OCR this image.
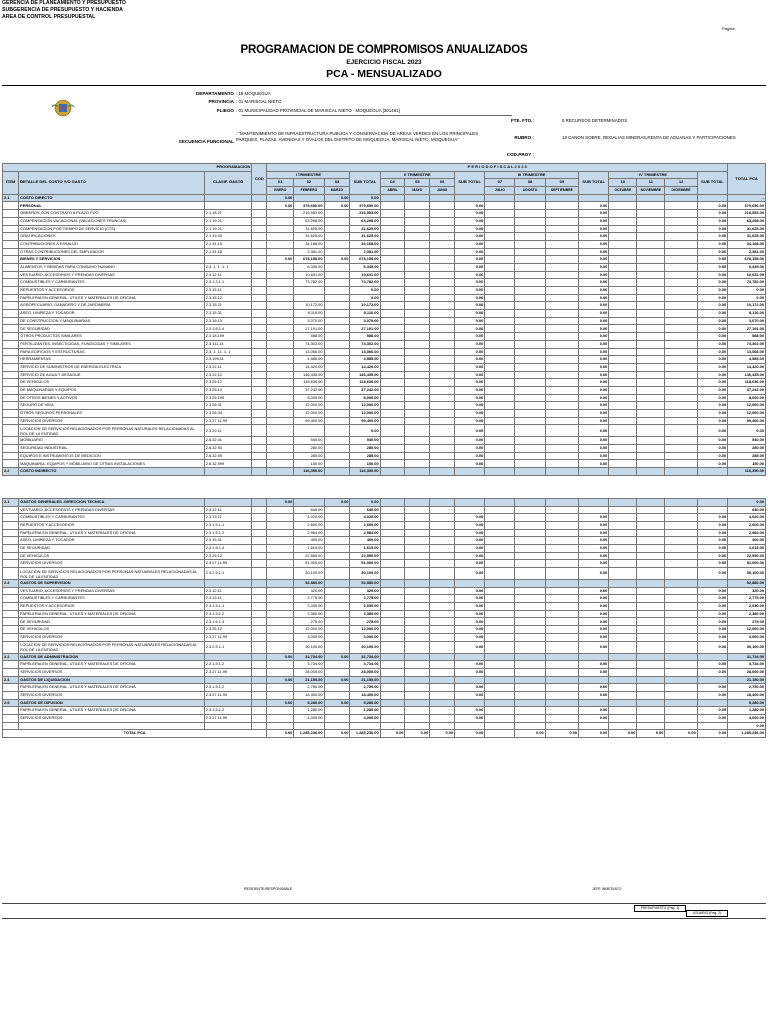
GERENCIA DE PLANEAMIENTO Y PRESUPUESTO
SUBGERENCIA DE PRESUPUESTO Y HACIENDA
AREA DE CONTROL PRESUPUESTAL
Pagina:
PROGRAMACION DE COMPROMISOS ANUALIZADOS
EJERCICIO FISCAL 2023
PCA - MENSUALIZADO
DEPARTAMENTO : 18 MOQUEGUA
PROVINCIA : 01 MARISCAL NIETO
PLIEGO : 01 MUNICIPALIDAD PROVINCIAL DE MARISCAL NIETO - MOQUEGUA [301481]
FTE. FTO.:	5 RECURSOS DETERMINADOS
SECUENCIA FUNCIONAL
: "MANTENIMIENTO DE INFRAESTRUCTURA PUBLICA Y CONSERVACION DE AREAS VERDES EN LOS PRINCIPALES PARQUES, PLAZAS, AVENIDAS Y OVALOS DEL DISTRITO DE MOQUEGUA, MARISCAL NIETO, MOQUEGUA"	RUBRO :	18 CANON SOBRE, REGALIAS MINERAS,RENTA DE ADUANAS Y PARTICIPACIONES
COD.PROY :
PROGRAMACION			COD	P E R I O D O F I S C A L 2 0 2 3																TOTAL PCA
ITEM	DETALLE DEL COSTO Y/O GASTO	CLASIF. GASTO		I TRIMESTRE			SUB TOTAL	II TRIMESTRE			SUB TOTAL	III TRIMESTRE			SUB TOTAL	IV TRIMESTRE			SUB TOTAL	
				01	02	03		04	05	06		07	08	09		10	11	12		
				ENERO	FEBRERO	MARZO		ABRIL	MAYO	JUNIO		JULIO	AGOSTO	SEPTIEMBRE		OCTUBRE	NOVIEMBRE	DICIEMBRE		
2.1	COSTO DIRECTO			0.00		0.00	0.00													-
	PERSONAL			0.00	379,650.00	0.00	379,650.00				0.00				0.00				0.00	379,650.00
	OBREROS CON CONTRATO A PLAZO FIJO	2.1.18.21			216,553.00		216,553.00				0.00				0.00				0.00	216,553.00
	COMPENSACION VACACIONAL (VACACIONES TRUNCAS)	2.1.19.21			63,298.00		63,298.00				0.00				0.00				0.00	63,298.00
	COMPENSACION POR TIEMPO DE SERVICIO (CTS)	2.1.19.21			31,625.00		31,625.00				0.00				0.00				0.00	31,625.00
	GRATIFICACIONES	2.1.19.33			31,625.00		31,625.00				0.00				0.00				0.00	31,625.00
	CONTRIBUCIONES A ESSALUD	2.1.31.15			34,168.00		34,168.00				0.00				0.00				0.00	34,168.00
	OTRAS CONTRIBUCIONES DEL EMPLEADOR	2.1.31.16			2,381.00		2,381.00				0.00				0.00				0.00	2,381.00
	BIENES Y SERVICIOS			0.00	678,158.00	0.00	678,158.00				0.00				0.00				0.00	678,158.00
	ALIMENTOS Y BEBIDAS PARA CONSUMO HUMANO	2.3. 1. 1. 1. 1			6,345.00		6,345.00				0.00				0.00				0.00	6,345.00
	VESTUARIO, ACCESORIOS Y PRENDAS DIVERSAS	2.3.12.11			10,631.00		10,631.00				0.00				0.00				0.00	10,631.00
	COMBUSTIBLES Y CARBURANTES	2.3.1.3.1.1			73,782.00		73,782.00				0.00				0.00				0.00	73,782.00
	REPUESTOS Y ACCESORIOS	2.3.15.11					0.00				0.00				0.00				0.00	0.00
	PAPELERIA EN GENERAL, UTILES Y MATERIALES DE OFICINA	2.3.15.12					0.00				0.00				0.00				0.00	0.00
	AGROPECUARIO, GANADERO Y DE JARDINERIA	2.3.15.21			10,172.00		10,172.00				0.00				0.00				0.00	10,172.00
	ASEO, LIMPIEZA Y TOCADOR	2.3.15.31			8,116.00		8,116.00				0.00				0.00				0.00	8,116.00
	DE CONSTRUCCION Y MAQUINARIAS	2.3.16.13			3,070.00		3,070.00				0.00				0.00				0.00	3,070.00
	DE SEGURIDAD	2.3.1.6.1.4			27,191.00		27,191.00				0.00				0.00				0.00	27,191.00
	OTROS PRODUCTOS SIMILARES	2.3.18.199			588.00		588.00				0.00				0.00				0.00	588.00
	FERTILIZANTES, INSECTICIDAS, FUNGICIDAS Y SIMILARES	2.3.111.14			74,302.00		74,302.00				0.00				0.00				0.00	74,302.00
	PARA EDIFICIOS Y ESTRUCTURAS	2.3. 1. 11. 1. 1			13,066.00		13,066.00				0.00				0.00				0.00	13,066.00
	HERRAMIENTAS	2.3.199.11			4,585.00		4,585.00				0.00				0.00				0.00	4,585.00
	SERVICIO DE SUMINISTROS DE ENERGIA ELECTRICA	2.3.22.11			14,420.00		14,420.00				0.00				0.00				0.00	14,420.00
	SERVICIO DE AGUA Y DESAGUE	2.3.22.12			146,435.00		146,435.00				0.00				0.00				0.00	146,435.00
	DE VEHICULOS	2.3.25.12			118,636.00		118,636.00				0.00				0.00				0.00	118,636.00
	DE MAQUINARIAS Y EQUIPOS	2.3.25.14			37,242.00		37,242.00				0.00				0.00				0.00	37,242.00
	DE OTROS BIENES Y ACTIVOS	2.3.25.199			8,000.00		8,000.00				0.00				0.00				0.00	8,000.00
	SEGURO DE VIDA	2.3.26.31			12,000.00		12,000.00				0.00				0.00				0.00	12,000.00
	OTROS SEGUROS PERSONALES	2.3.26.34			12,000.00		12,000.00				0.00				0.00				0.00	12,000.00
	SERVICIOS DIVERSOS	2.3.27.11.99			99,400.00		99,400.00				0.00				0.00				0.00	99,400.00
	LOCACION DE SERVICIOS RELACIONADOS POR PERSONAS NATURALES RELACIONADAS AL ROL DE LA ENTIDAD	2.3.29.11					0.00				0.00				0.00				0.00	0.00
	MOBILIARIO	2.6.32.41			540.00		540.00				0.00				0.00				0.00	540.00
	SEGURIDAD INDUSTRIAL	2.6.32.93			280.00		280.00				0.00				0.00				0.00	280.00
	EQUIPOS E INSTRUMENTOS DE MEDICION	2.6.32.95			285.00		285.00				0.00				0.00				0.00	285.00
	MAQUINARIA, EQUIPOS Y MOBILIARIO DE OTRAS INSTALACIONES	2.6.32.999			150.00		150.00				0.00				0.00				0.00	150.00
2.2	COSTO INDIRECTO				116,350.00		116,350.00													116,350.00

2.1	GASTOS GENERALES -DIRECCION TECNICA			0.00		0.00	0.00													0.00
	VESTUARIO, ACCESORIOS Y PRENDAS DIVERSAS	2.3.12.11			640.00		640.00													640.00
	COMBUSTIBLES Y CARBURANTES	2.3.13.11			4,020.00		4,020.00				0.00				0.00				0.00	4,020.00
	REPUESTOS Y ACCESORIOS	2.3.1.5.1.1			2,600.00		2,600.00				0.00				0.00				0.00	2,600.00
	PAPELERIA EN GENERAL, UTILES Y MATERIALES DE OFICINA	2.3.1.5.1.2			2,984.00		2,984.00				0.00				0.00				0.00	2,984.00
	ASEO, LIMPIEZA Y TOCADOR	2.3.15.31			400.00		400.00				0.00				0.00				0.00	400.00
	DE SEGURIDAD	2.3.1.6.1.4			1,615.00		1,615.00				0.00				0.00				0.00	1,615.00
	DE VEHICULOS	2.3.25.12			22,550.00		22,550.00				0.00				0.00				0.00	22,550.00
	SERVICIOS DIVERSOS	2.3.27.11.99			51,000.00		51,000.00				0.00				0.00				0.00	51,000.00
	LOCACION DE SERVICIOS RELACIONADOS POR PERSONAS NATUARALES RELACIONADAS AL ROL DE LA ENTIDAD	2.3.2.9.1.1			30,100.00		30,100.00				0.00				0.00				0.00	30,100.00
2.3	GASTOS DE SUPERVISION				52,880.00		52,880.00													52,880.00
	VESTUARIO, ACCESORIOS Y PRENDAS DIVERSAS	2.3.12.11			320.00		320.00				0.00				0.00				0.00	320.00
	COMBUSTIBLES Y CARBURANTES	2.3.13.11			2,775.00		2,775.00				0.00				0.00				0.00	2,775.00
	REPUESTOS Y ACCESORIOS	2.3.1.5.1.1			2,030.00		2,030.00				0.00				0.00				0.00	2,030.00
	PAPELERIA EN GENERAL, UTILES Y MATERIALES DE OFICINA	2.3.1.5.1.2			2,380.00		2,380.00				0.00				0.00				0.00	2,380.00
	DE SEGURIDAD	2.3.1.6.1.4			275.00		275.00				0.00				0.00				0.00	275.00
	DE VEHICULOS	2.3.25.12			12,000.00		12,000.00				0.00				0.00				0.00	12,000.00
	SERVICIOS DIVERSOS	2.3.27.11.99			3,000.00		3,000.00				0.00				0.00				0.00	3,000.00
	LOCACION DE SERVICIOS RELACIONADOS POR PERSONAS NATUARALES RELACIONADAS AL ROL DE LA ENTIDAD	2.3.2.9.1.1			30,100.00		30,100.00				0.00				0.00				0.00	30,100.00
2.2	GASTOS DE ADMINISTRACION			0.00	31,734.00	0.00	31,734.00													31,734.00
	PAPELERIA EN GENERAL, UTILES Y MATERIALES DE OFICINA	2.3.1.5.1.2			3,734.00		3,734.00				0.00				0.00				0.00	3,734.00
	SERVICIOS DIVERSOS	2.3.27.11.99			28,000.00		28,000.00				0.00				0.00				0.00	28,000.00
2.4	GASTOS DE LIQUIDACION			0.00	21,150.00	0.00	21,150.00													21,150.00
	PAPELERIA EN GENERAL, UTILES Y MATERIALES DE OFICINA	2.3.1.5.1.2			2,750.00		2,750.00				0.00				0.00				0.00	2,750.00
	SERVICIOS DIVERSOS	2.3.27.11.99			18,400.00		18,400.00				0.00				0.00				0.00	18,400.00
2.5	GASTOS DE DIFUSION			0.00	5,280.00	0.00	5,280.00													5,280.00
	PAPELERIA EN GENERAL, UTILES Y MATERIALES DE OFICINA	2.3.1.5.1.2			1,280.00		1,280.00				0.00				0.00				0.00	1,280.00
	SERVICIOS DIVERSOS	2.3.27.11.99			4,000.00		4,000.00				0.00				0.00				0.00	4,000.00
																				0.00
TOTAL PCA				0.00	1,285,236.00	0.00	1,285,236.00	0.00	0.00	0.00	0.00		0.00	0.00	0.00	0.00	0.00	0.00	0.00	1,285,236.00
RESIDENTE/RESPONSABLE	JEFE INMEDIATO
PRESUPUESTO (Pag. 1)
USUARIO (Pag. 2)
